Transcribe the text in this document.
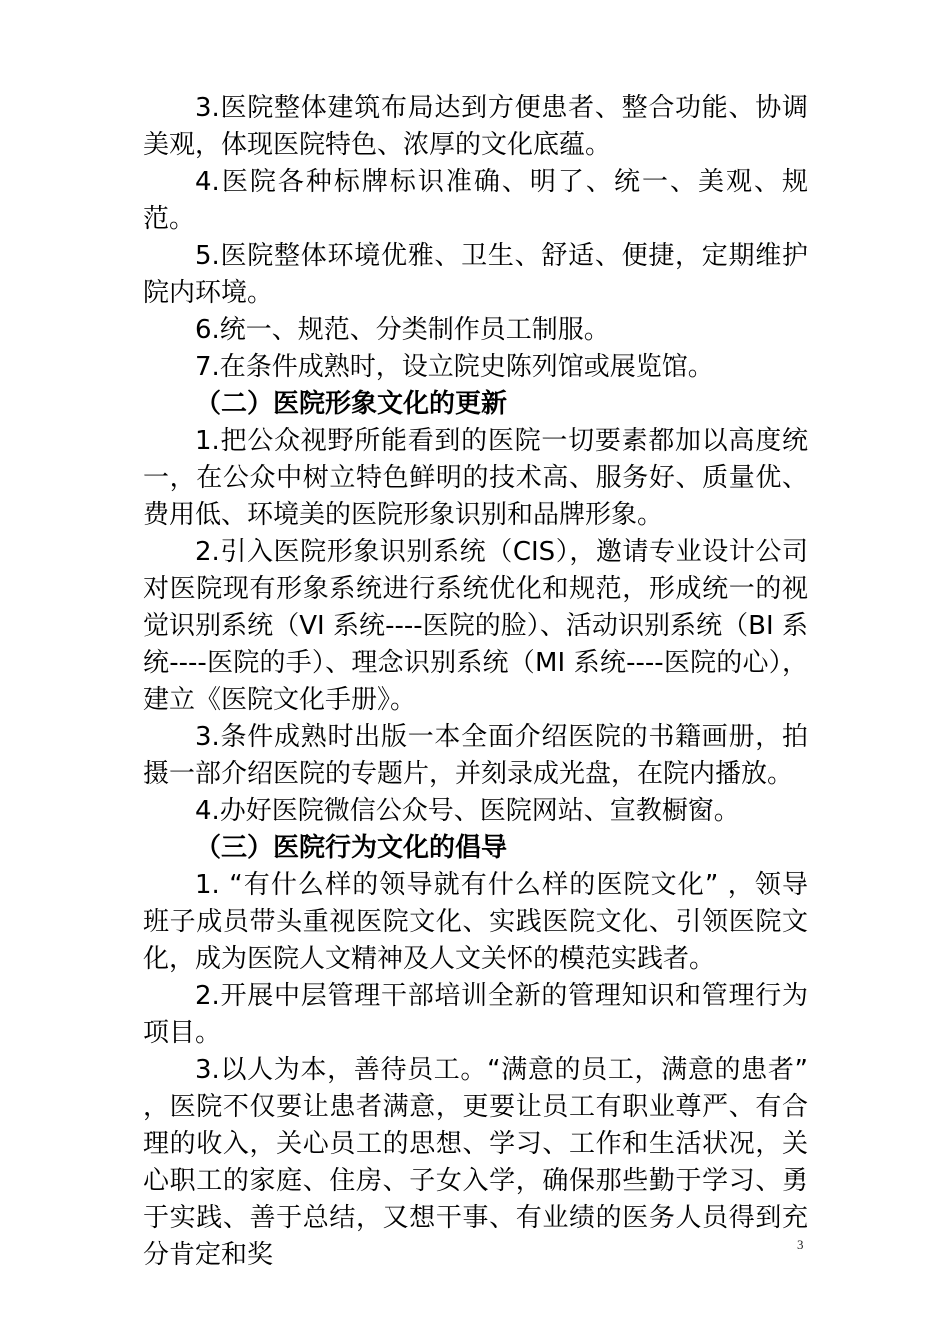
3.医院整体建筑布局达到方便患者、整合功能、协调美观，体现医院特色、浓厚的文化底蕴。

4.医院各种标牌标识准确、明了、统一、美观、规范。

5.医院整体环境优雅、卫生、舒适、便捷，定期维护院内环境。

6.统一、规范、分类制作员工制服。

7.在条件成熟时，设立院史陈列馆或展览馆。

（二）医院形象文化的更新

1.把公众视野所能看到的医院一切要素都加以高度统一，在公众中树立特色鲜明的技术高、服务好、质量优、费用低、环境美的医院形象识别和品牌形象。

2.引入医院形象识别系统（CIS），邀请专业设计公司对医院现有形象系统进行系统优化和规范，形成统一的视觉识别系统（VI 系统----医院的脸）、活动识别系统（BI 系统----医院的手）、理念识别系统（MI 系统----医院的心），建立《医院文化手册》。

3.条件成熟时出版一本全面介绍医院的书籍画册，拍摄一部介绍医院的专题片，并刻录成光盘，在院内播放。

4.办好医院微信公众号、医院网站、宣教橱窗。

（三）医院行为文化的倡导

1. “有什么样的领导就有什么样的医院文化” ，领导班子成员带头重视医院文化、实践医院文化、引领医院文化，成为医院人文精神及人文关怀的模范实践者。

2.开展中层管理干部培训全新的管理知识和管理行为项目。

3.以人为本，善待员工。“满意的员工，满意的患者” ，医院不仅要让患者满意，更要让员工有职业尊严、有合理的收入，关心员工的思想、学习、工作和生活状况，关心职工的家庭、住房、子女入学，确保那些勤于学习、勇于实践、善于总结，又想干事、有业绩的医务人员得到充分肯定和奖	3
